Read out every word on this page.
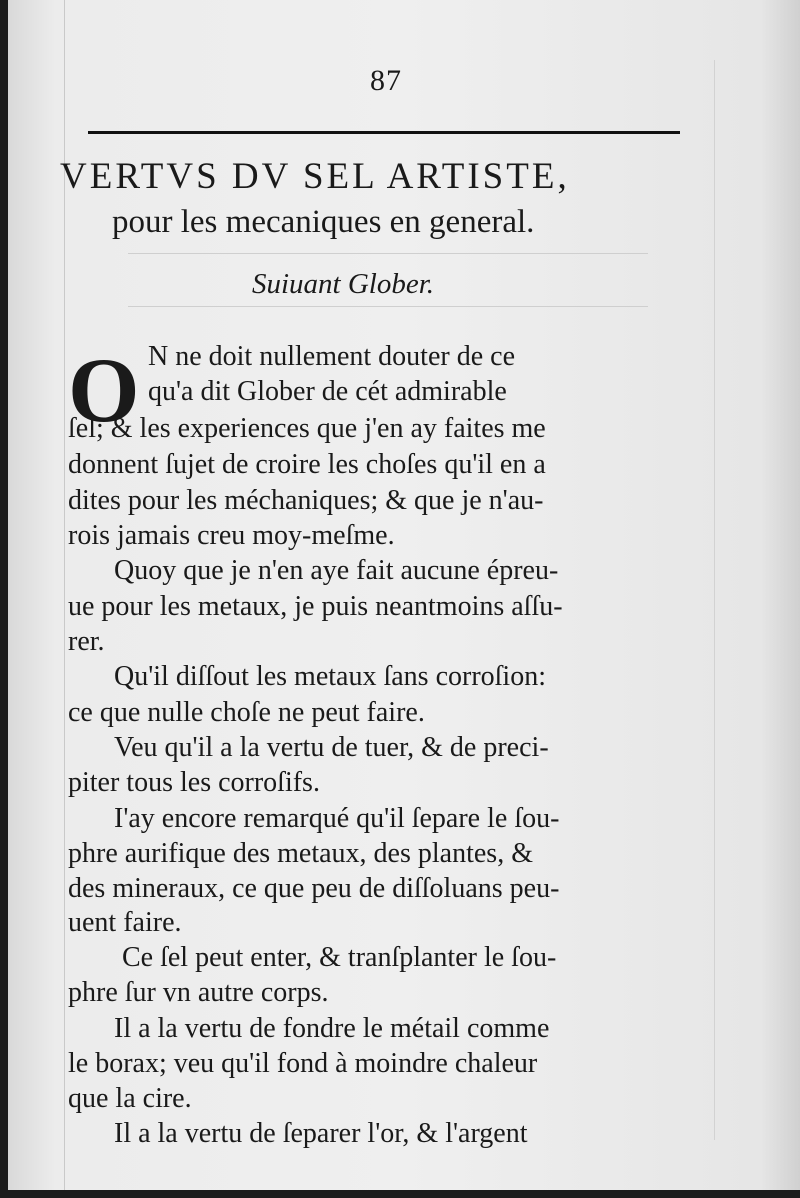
87
VERTVS DV SEL ARTISTE,
pour les mecaniques en general.
Suiuant Glober.
O N ne doit nullement douter de ce
qu'a dit Glober de cét admirable
ſel; & les experiences que j'en ay faites me
donnent ſujet de croire les choſes qu'il en a
dites pour les méchaniques; & que je n'au-
rois jamais creu moy-meſme.
Quoy que je n'en aye fait aucune épreu-
ue pour les metaux, je puis neantmoins aſſu-
rer.
Qu'il diſſout les metaux ſans corroſion:
ce que nulle choſe ne peut faire.
Veu qu'il a la vertu de tuer, & de preci-
piter tous les corroſifs.
I'ay encore remarqué qu'il ſepare le ſou-
phre aurifique des metaux, des plantes, &
des mineraux, ce que peu de diſſoluans peu-
uent faire.
Ce ſel peut enter, & tranſplanter le ſou-
phre ſur vn autre corps.
Il a la vertu de fondre le métail comme
le borax; veu qu'il fond à moindre chaleur
que la cire.
Il a la vertu de ſeparer l'or, & l'argent
